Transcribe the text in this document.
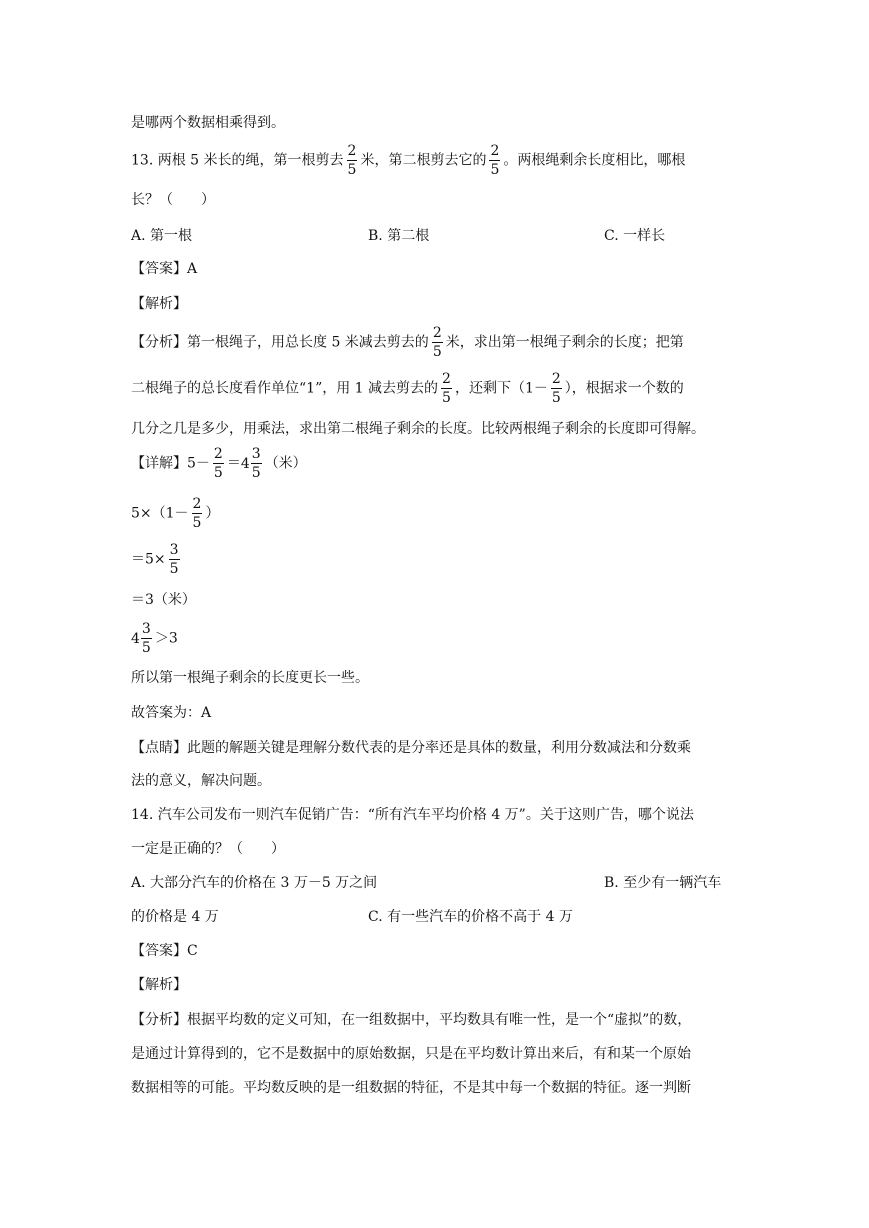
是哪两个数据相乘得到。
13. 两根 5 米长的绳，第一根剪去 $\frac{2}{5}$ 米，第二根剪去它的 $\frac{2}{5}$ 。两根绳剩余长度相比，哪根
长？（　　）
A. 第一根	B. 第二根	C. 一样长
【答案】A
【解析】
【分析】第一根绳子，用总长度 5 米减去剪去的 $\frac{2}{5}$ 米，求出第一根绳子剩余的长度；把第
二根绳子的总长度看作单位“1”，用 1 减去剪去的 $\frac{2}{5}$ ，还剩下（$1- \frac{2}{5}$ ），根据求一个数的
几分之几是多少，用乘法，求出第二根绳子剩余的长度。比较两根绳子剩余的长度即可得解。
【详解】$5- \frac{2}{5} = 4 \frac{3}{5}$ （米）
$5\times(1- \frac{2}{5}$ ）
$=5\times \frac{3}{5}$
＝3（米）
$4 \frac{3}{5} >3$
所以第一根绳子剩余的长度更长一些。
故答案为：A
【点睛】此题的解题关键是理解分数代表的是分率还是具体的数量，利用分数减法和分数乘
法的意义，解决问题。
14. 汽车公司发布一则汽车促销广告：“所有汽车平均价格 4 万”。关于这则广告，哪个说法
一定是正确的？（　　）
A. 大部分汽车的价格在 3 万－5 万之间	B. 至少有一辆汽车
的价格是 4 万	C. 有一些汽车的价格不高于 4 万
【答案】C
【解析】
【分析】根据平均数的定义可知，在一组数据中，平均数具有唯一性，是一个“虚拟”的数，
是通过计算得到的，它不是数据中的原始数据，只是在平均数计算出来后，有和某一个原始
数据相等的可能。平均数反映的是一组数据的特征，不是其中每一个数据的特征。逐一判断
